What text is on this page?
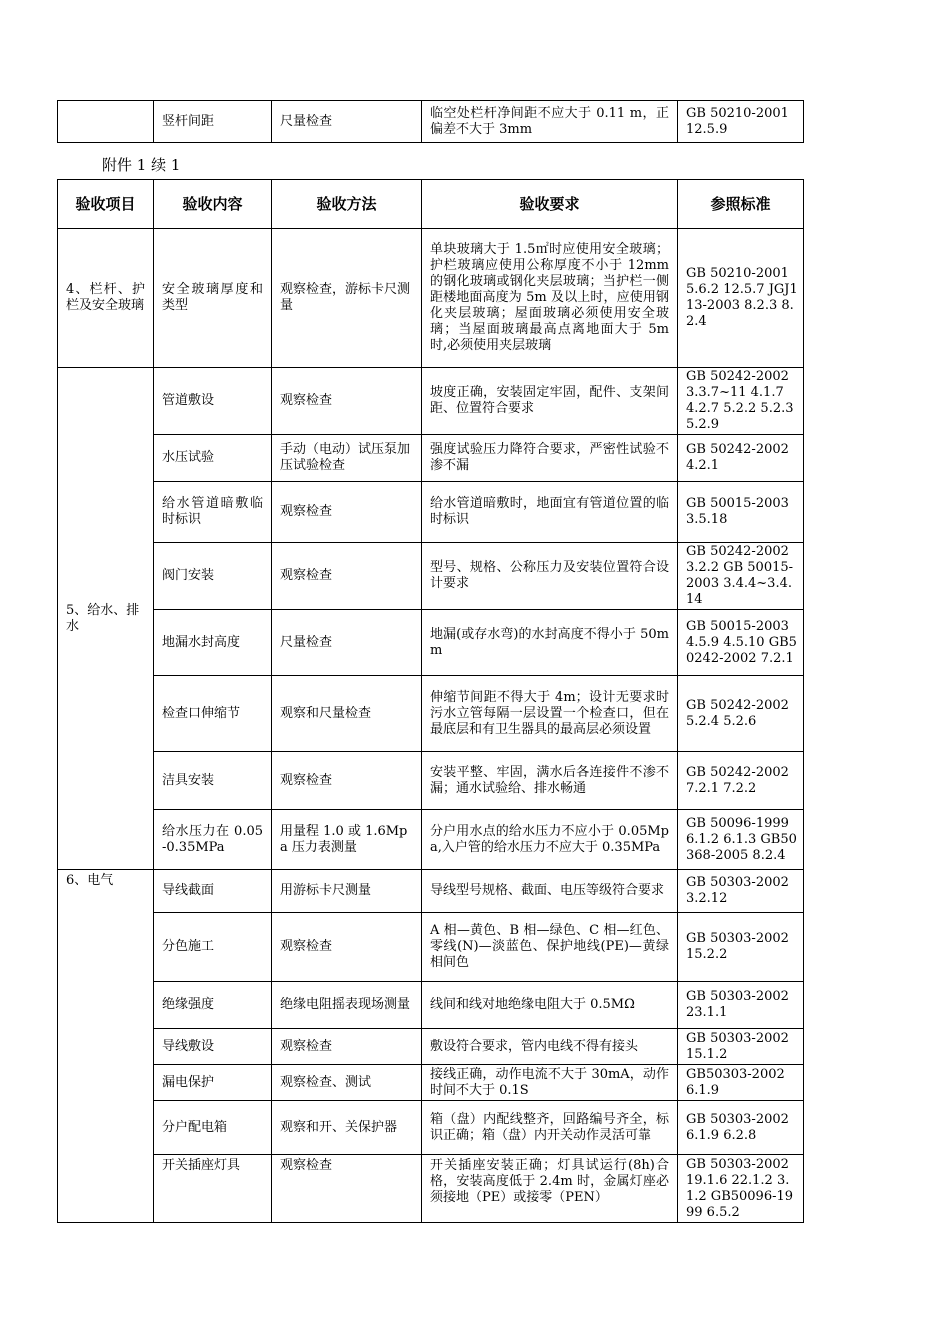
	竖杆间距	尺量检查	临空处栏杆净间距不应大于 0.11 m，正偏差不大于 3mm	GB 50210-2001 12.5.9

附件 1 续 1

验收项目	验收内容	验收方法	验收要求	参照标准
4、栏杆、护栏及安全玻璃	安全玻璃厚度和类型	观察检查，游标卡尺测量	单块玻璃大于 1.5㎡时应使用安全玻璃；护栏玻璃应使用公称厚度不小于 12mm 的钢化玻璃或钢化夹层玻璃；当护栏一侧距楼地面高度为 5m 及以上时，应使用钢化夹层玻璃；屋面玻璃必须使用安全玻璃；当屋面玻璃最高点离地面大于 5m 时,必须使用夹层玻璃	GB 50210-2001 5.6.2 12.5.7 JGJ113-2003 8.2.3 8.2.4
5、给水、排水	管道敷设	观察检查	坡度正确，安装固定牢固，配件、支架间距、位置符合要求	GB 50242-2002 3.3.7~11 4.1.7 4.2.7 5.2.2 5.2.3 5.2.9
	水压试验	手动（电动）试压泵加压试验检查	强度试验压力降符合要求，严密性试验不渗不漏	GB 50242-2002 4.2.1
	给水管道暗敷临时标识	观察检查	给水管道暗敷时，地面宜有管道位置的临时标识	GB 50015-2003 3.5.18
	阀门安装	观察检查	型号、规格、公称压力及安装位置符合设计要求	GB 50242-2002 3.2.2 GB 50015-2003 3.4.4~3.4.14
	地漏水封高度	尺量检查	地漏(或存水弯)的水封高度不得小于 50mm	GB 50015-2003 4.5.9 4.5.10 GB50242-2002 7.2.1
	检查口伸缩节	观察和尺量检查	伸缩节间距不得大于 4m；设计无要求时污水立管每隔一层设置一个检查口，但在最底层和有卫生器具的最高层必须设置	GB 50242-2002 5.2.4 5.2.6
	洁具安装	观察检查	安装平整、牢固，满水后各连接件不渗不漏；通水试验给、排水畅通	GB 50242-2002 7.2.1 7.2.2
	给水压力在 0.05-0.35MPa	用量程 1.0 或 1.6Mpa 压力表测量	分户用水点的给水压力不应小于 0.05Mpa,入户管的给水压力不应大于 0.35MPa	GB 50096-1999 6.1.2 6.1.3 GB50368-2005 8.2.4
6、电气	导线截面	用游标卡尺测量	导线型号规格、截面、电压等级符合要求	GB 50303-2002 3.2.12
	分色施工	观察检查	A 相—黄色、B 相—绿色、C 相—红色、零线(N)—淡蓝色、保护地线(PE)—黄绿相间色	GB 50303-2002 15.2.2
	绝缘强度	绝缘电阻摇表现场测量	线间和线对地绝缘电阻大于 0.5MΩ	GB 50303-2002 23.1.1
	导线敷设	观察检查	敷设符合要求，管内电线不得有接头	GB 50303-2002 15.1.2
	漏电保护	观察检查、测试	接线正确，动作电流不大于 30mA，动作时间不大于 0.1S	GB50303-2002 6.1.9
	分户配电箱	观察和开、关保护器	箱（盘）内配线整齐，回路编号齐全，标识正确；箱（盘）内开关动作灵活可靠	GB 50303-2002 6.1.9 6.2.8
	开关插座灯具	观察检查	开关插座安装正确；灯具试运行(8h)合格，安装高度低于 2.4m 时，金属灯座必须接地（PE）或接零（PEN）	GB 50303-2002 19.1.6 22.1.2 3.1.2 GB50096-1999 6.5.2
